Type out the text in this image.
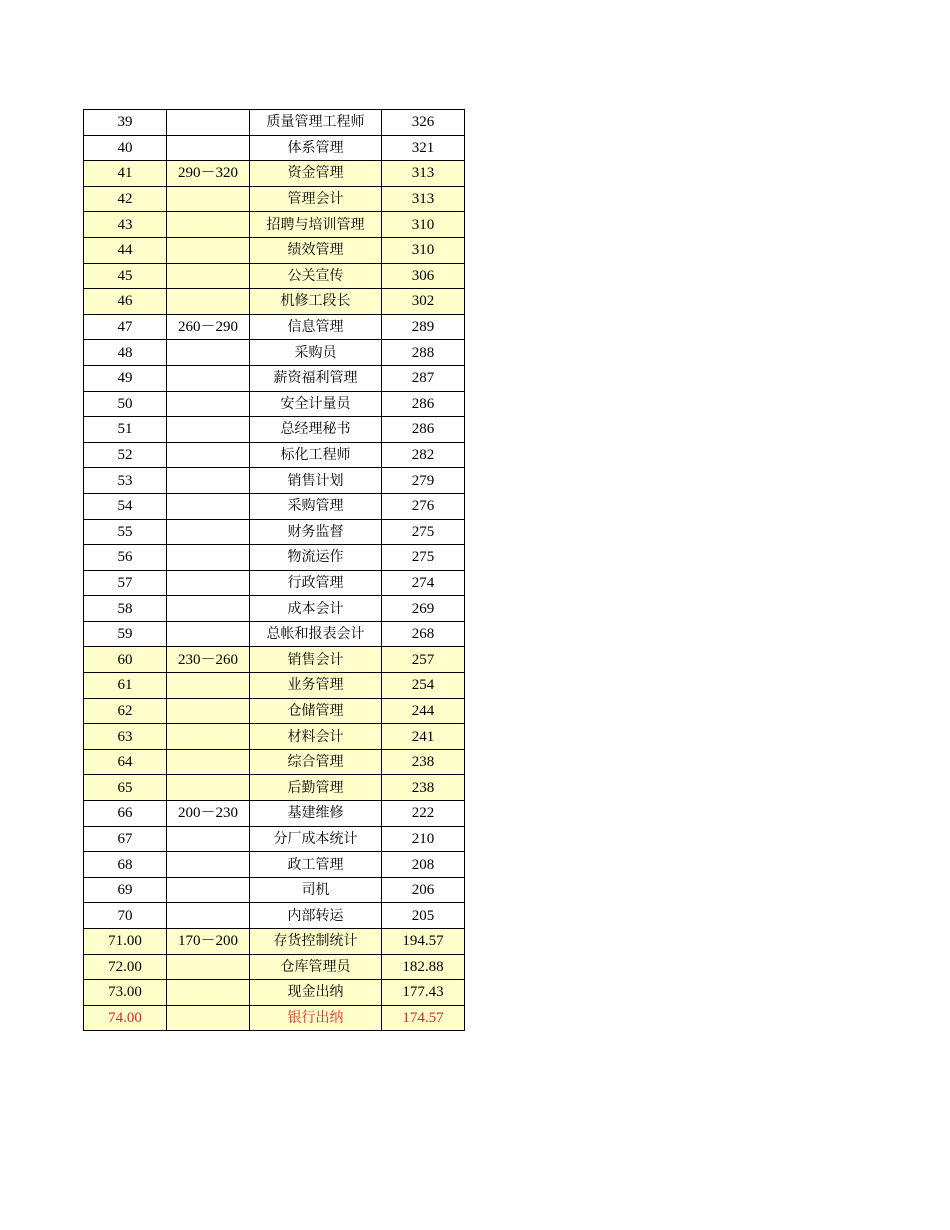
39		质量管理工程师	326
40		体系管理	321
41	290－320	资金管理	313
42		管理会计	313
43		招聘与培训管理	310
44		绩效管理	310
45		公关宣传	306
46		机修工段长	302
47	260－290	信息管理	289
48		采购员	288
49		薪资福利管理	287
50		安全计量员	286
51		总经理秘书	286
52		标化工程师	282
53		销售计划	279
54		采购管理	276
55		财务监督	275
56		物流运作	275
57		行政管理	274
58		成本会计	269
59		总帐和报表会计	268
60	230－260	销售会计	257
61		业务管理	254
62		仓储管理	244
63		材料会计	241
64		综合管理	238
65		后勤管理	238
66	200－230	基建维修	222
67		分厂成本统计	210
68		政工管理	208
69		司机	206
70		内部转运	205
71.00	170－200	存货控制统计	194.57
72.00		仓库管理员	182.88
73.00		现金出纳	177.43
74.00		银行出纳	174.57
